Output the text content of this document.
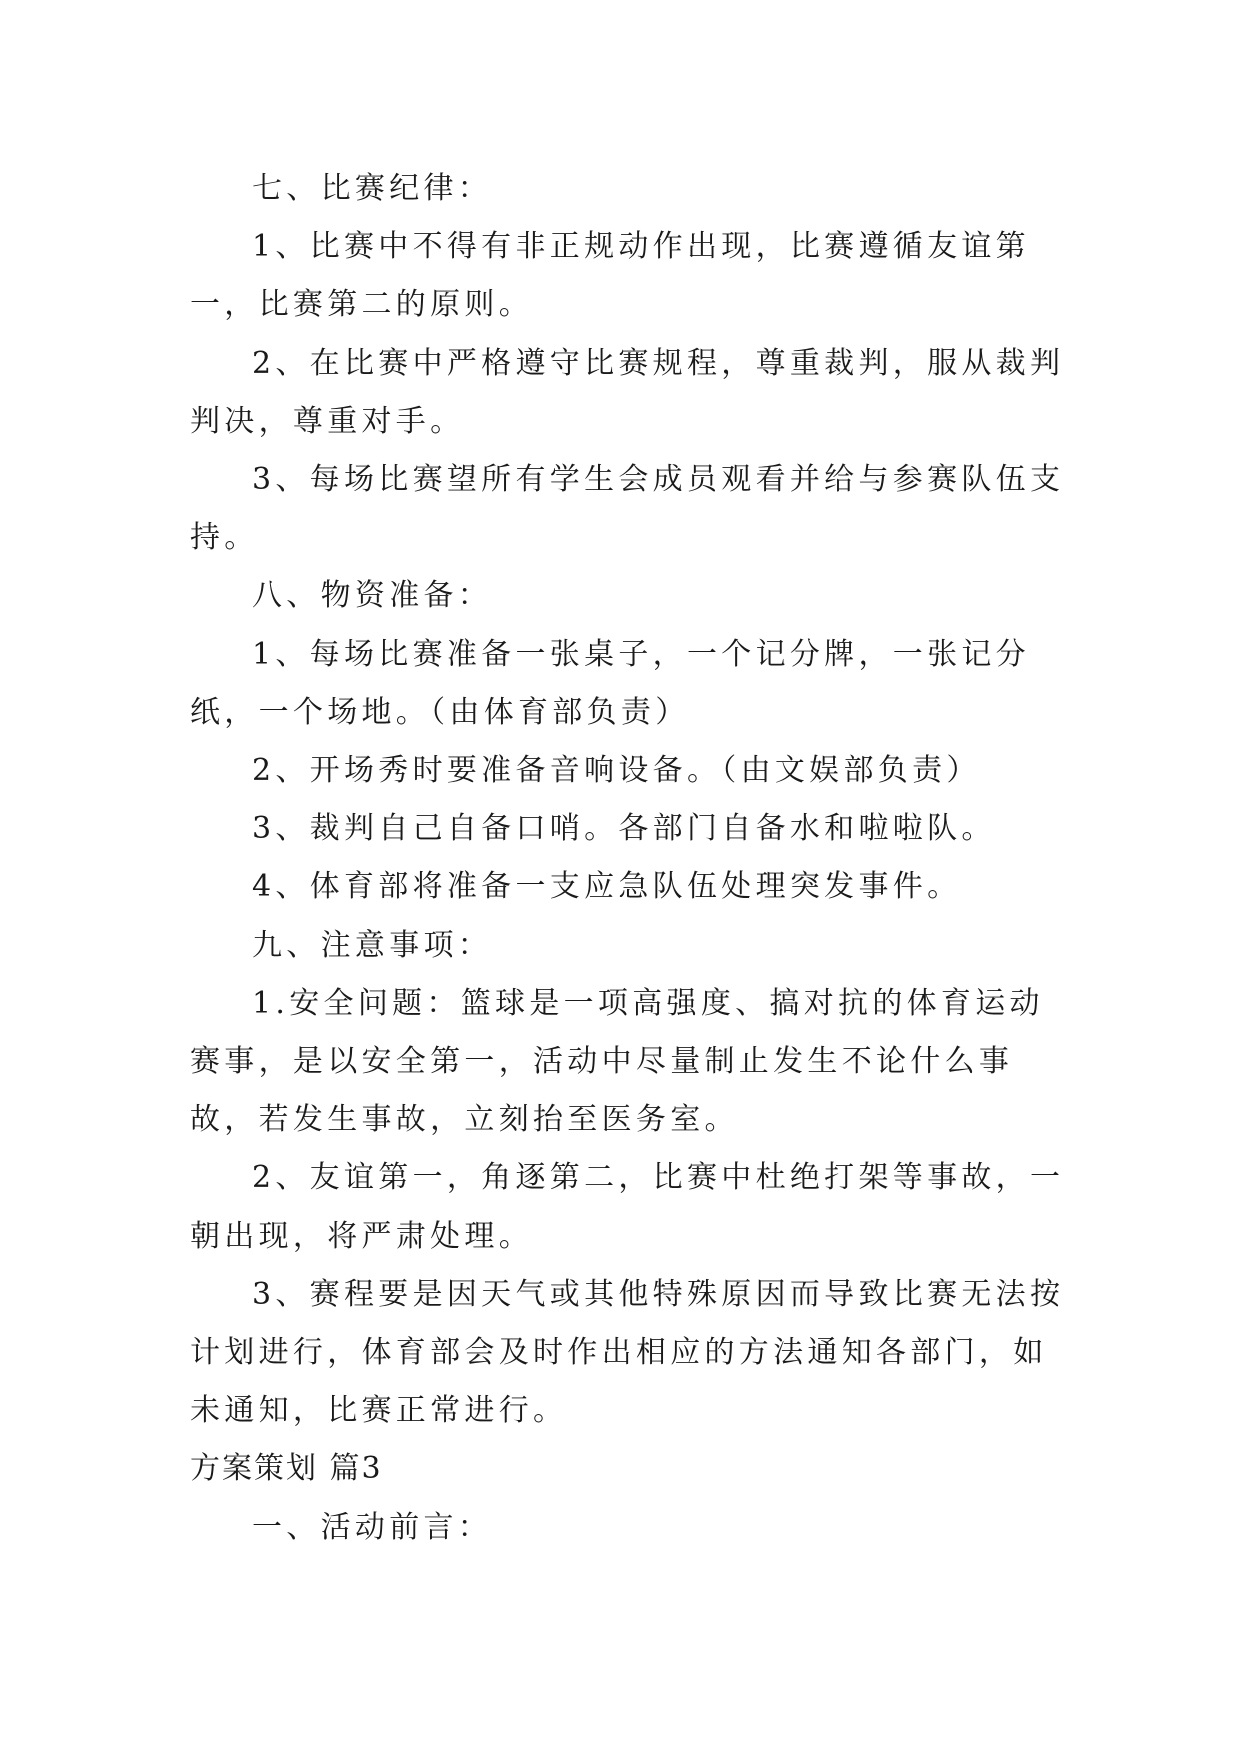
七、比赛纪律：

1、比赛中不得有非正规动作出现，比赛遵循友谊第一，比赛第二的原则。

2、在比赛中严格遵守比赛规程，尊重裁判，服从裁判判决，尊重对手。

3、每场比赛望所有学生会成员观看并给与参赛队伍支持。

八、物资准备：

1、每场比赛准备一张桌子，一个记分牌，一张记分纸，一个场地。（由体育部负责）

2、开场秀时要准备音响设备。（由文娱部负责）

3、裁判自己自备口哨。各部门自备水和啦啦队。

4、体育部将准备一支应急队伍处理突发事件。

九、注意事项：

1.安全问题：篮球是一项高强度、搞对抗的体育运动赛事，是以安全第一，活动中尽量制止发生不论什么事故，若发生事故，立刻抬至医务室。

2、友谊第一，角逐第二，比赛中杜绝打架等事故，一朝出现，将严肃处理。

3、赛程要是因天气或其他特殊原因而导致比赛无法按计划进行，体育部会及时作出相应的方法通知各部门，如未通知，比赛正常进行。

方案策划 篇3

一、活动前言：
